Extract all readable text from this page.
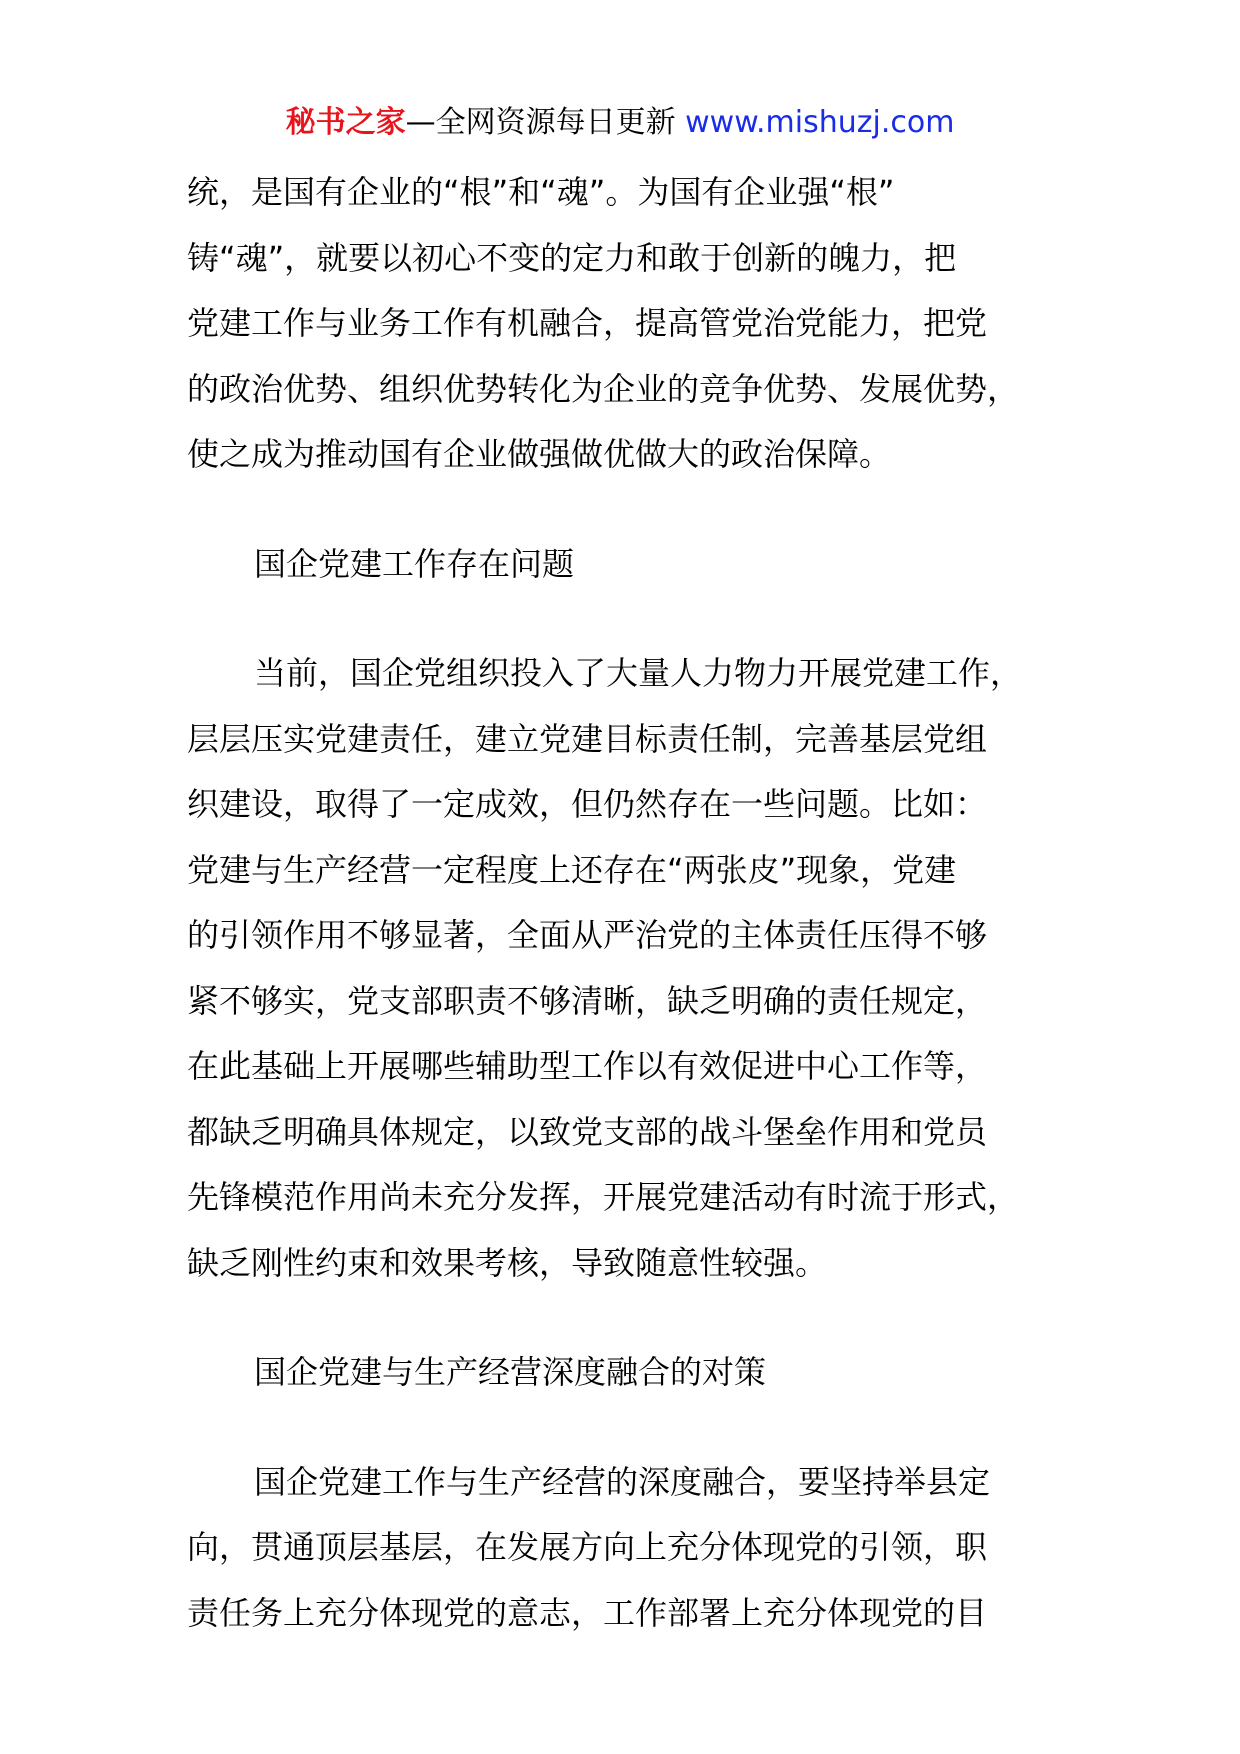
秘书之家—全网资源每日更新 www.mishuzj.com

统，是国有企业的“根”和“魂”。为国有企业强“根”
铸“魂”，就要以初心不变的定力和敢于创新的魄力，把
党建工作与业务工作有机融合，提高管党治党能力，把党
的政治优势、组织优势转化为企业的竞争优势、发展优势，
使之成为推动国有企业做强做优做大的政治保障。

国企党建工作存在问题

当前，国企党组织投入了大量人力物力开展党建工作，
层层压实党建责任，建立党建目标责任制，完善基层党组
织建设，取得了一定成效，但仍然存在一些问题。比如：
党建与生产经营一定程度上还存在“两张皮”现象，党建
的引领作用不够显著，全面从严治党的主体责任压得不够
紧不够实，党支部职责不够清晰，缺乏明确的责任规定，
在此基础上开展哪些辅助型工作以有效促进中心工作等，
都缺乏明确具体规定，以致党支部的战斗堡垒作用和党员
先锋模范作用尚未充分发挥，开展党建活动有时流于形式，
缺乏刚性约束和效果考核，导致随意性较强。

国企党建与生产经营深度融合的对策

国企党建工作与生产经营的深度融合，要坚持举县定
向，贯通顶层基层，在发展方向上充分体现党的引领，职
责任务上充分体现党的意志，工作部署上充分体现党的目
